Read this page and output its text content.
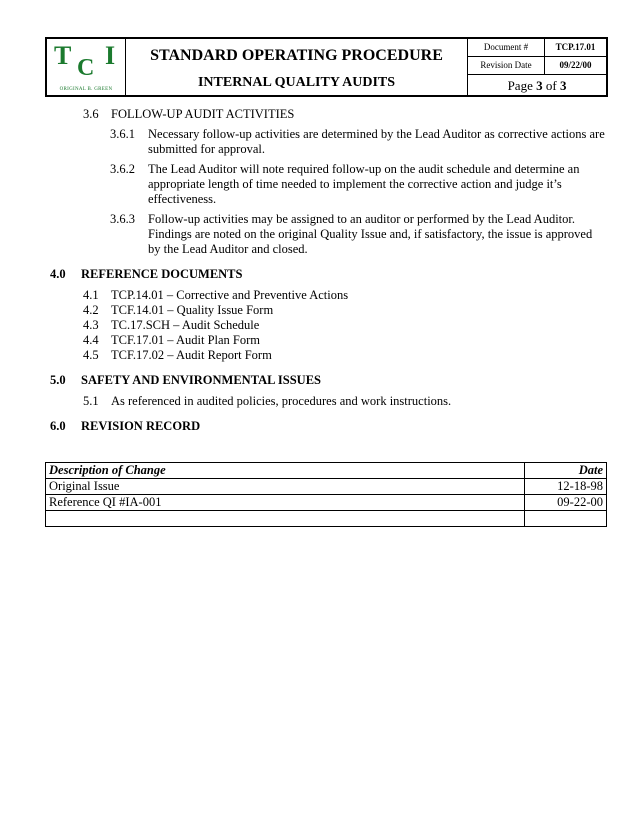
T C I
ORIGINAL B. GREEN
STANDARD OPERATING PROCEDURE
INTERNAL QUALITY AUDITS
Document #	TCP.17.01
Revision Date	09/22/00
Page 3 of 3
3.6 FOLLOW-UP AUDIT ACTIVITIES
3.6.1	Necessary follow-up activities are determined by the Lead Auditor as corrective actions are submitted for approval.
3.6.2	The Lead Auditor will note required follow-up on the audit schedule and determine an appropriate length of time needed to implement the corrective action and judge it’s effectiveness.
3.6.3	Follow-up activities may be assigned to an auditor or performed by the Lead Auditor. Findings are noted on the original Quality Issue and, if satisfactory, the issue is approved by the Lead Auditor and closed.
4.0	REFERENCE DOCUMENTS
4.1 TCP.14.01 – Corrective and Preventive Actions
4.2 TCF.14.01 – Quality Issue Form
4.3 TC.17.SCH – Audit Schedule
4.4 TCF.17.01 – Audit Plan Form
4.5 TCF.17.02 – Audit Report Form
5.0	SAFETY AND ENVIRONMENTAL ISSUES
5.1 As referenced in audited policies, procedures and work instructions.
6.0	REVISION RECORD
Description of Change	Date
Original Issue	12-18-98
Reference QI #IA-001	09-22-00
